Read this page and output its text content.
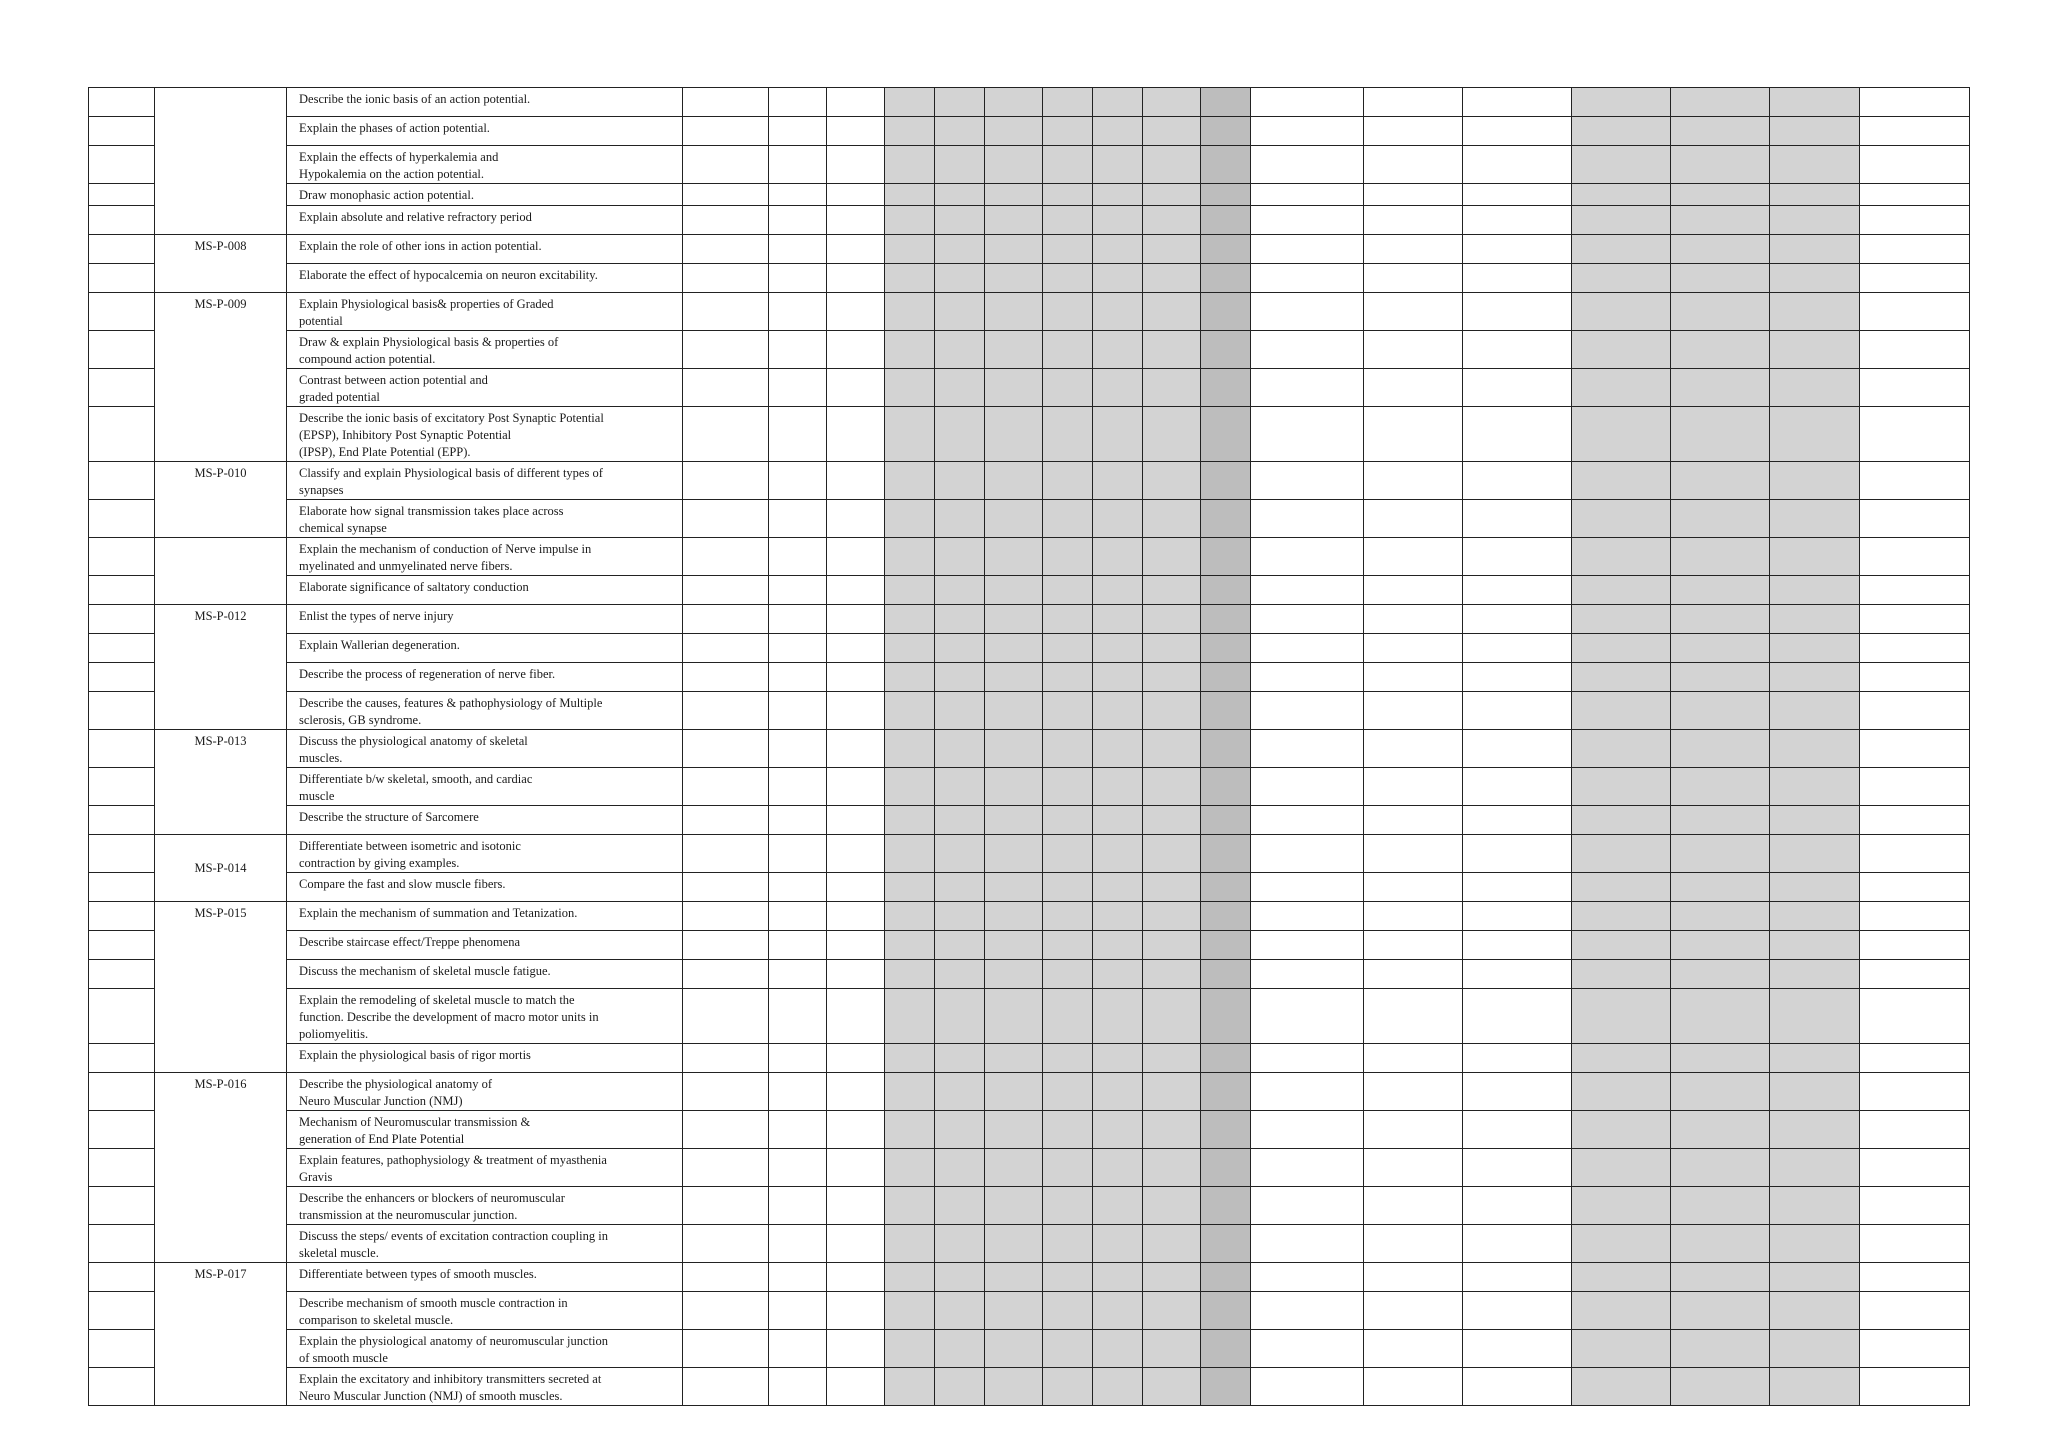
		Describe the ionic basis of an action potential.																	
		Explain the phases of action potential.																	
		Explain the effects of hyperkalemia and
Hypokalemia on the action potential.																	
		Draw monophasic action potential.																	
		Explain absolute and relative refractory period																	
	MS-P-008	Explain the role of other ions in action potential.																	
		Elaborate the effect of hypocalcemia on neuron excitability.																	
	MS-P-009	Explain Physiological basis& properties of Graded
potential																	
		Draw & explain Physiological basis & properties of
compound action potential.																	
		Contrast between action potential and
graded potential																	
		Describe the ionic basis of excitatory Post Synaptic Potential
(EPSP), Inhibitory Post Synaptic Potential
(IPSP), End Plate Potential (EPP).																	
	MS-P-010	Classify and explain Physiological basis of different types of
synapses																	
		Elaborate how signal transmission takes place across
chemical synapse																	
		Explain the mechanism of conduction of Nerve impulse in
myelinated and unmyelinated nerve fibers.																	
		Elaborate significance of saltatory conduction																	
	MS-P-012	Enlist the types of nerve injury																	
		Explain Wallerian degeneration.																	
		Describe the process of regeneration of nerve fiber.																	
		Describe the causes, features & pathophysiology of Multiple
sclerosis, GB syndrome.																	
	MS-P-013	Discuss the physiological anatomy of skeletal
muscles.																	
		Differentiate b/w skeletal, smooth, and cardiac
muscle																	
		Describe the structure of Sarcomere																	
	MS-P-014	Differentiate between isometric and isotonic
contraction by giving examples.																	
		Compare the fast and slow muscle fibers.																	
	MS-P-015	Explain the mechanism of summation and Tetanization.																	
		Describe staircase effect/Treppe phenomena																	
		Discuss the mechanism of skeletal muscle fatigue.																	
		Explain the remodeling of skeletal muscle to match the
function. Describe the development of macro motor units in
poliomyelitis.																	
		Explain the physiological basis of rigor mortis																	
	MS-P-016	Describe the physiological anatomy of
Neuro Muscular Junction (NMJ)																	
		Mechanism of Neuromuscular transmission &
generation of End Plate Potential																	
		Explain features, pathophysiology & treatment of myasthenia
Gravis																	
		Describe the enhancers or blockers of neuromuscular
transmission at the neuromuscular junction.																	
		Discuss the steps/ events of excitation contraction coupling in
skeletal muscle.																	
	MS-P-017	Differentiate between types of smooth muscles.																	
		Describe mechanism of smooth muscle contraction in
comparison to skeletal muscle.																	
		Explain the physiological anatomy of neuromuscular junction
of smooth muscle																	
		Explain the excitatory and inhibitory transmitters secreted at
Neuro Muscular Junction (NMJ) of smooth muscles.																	
